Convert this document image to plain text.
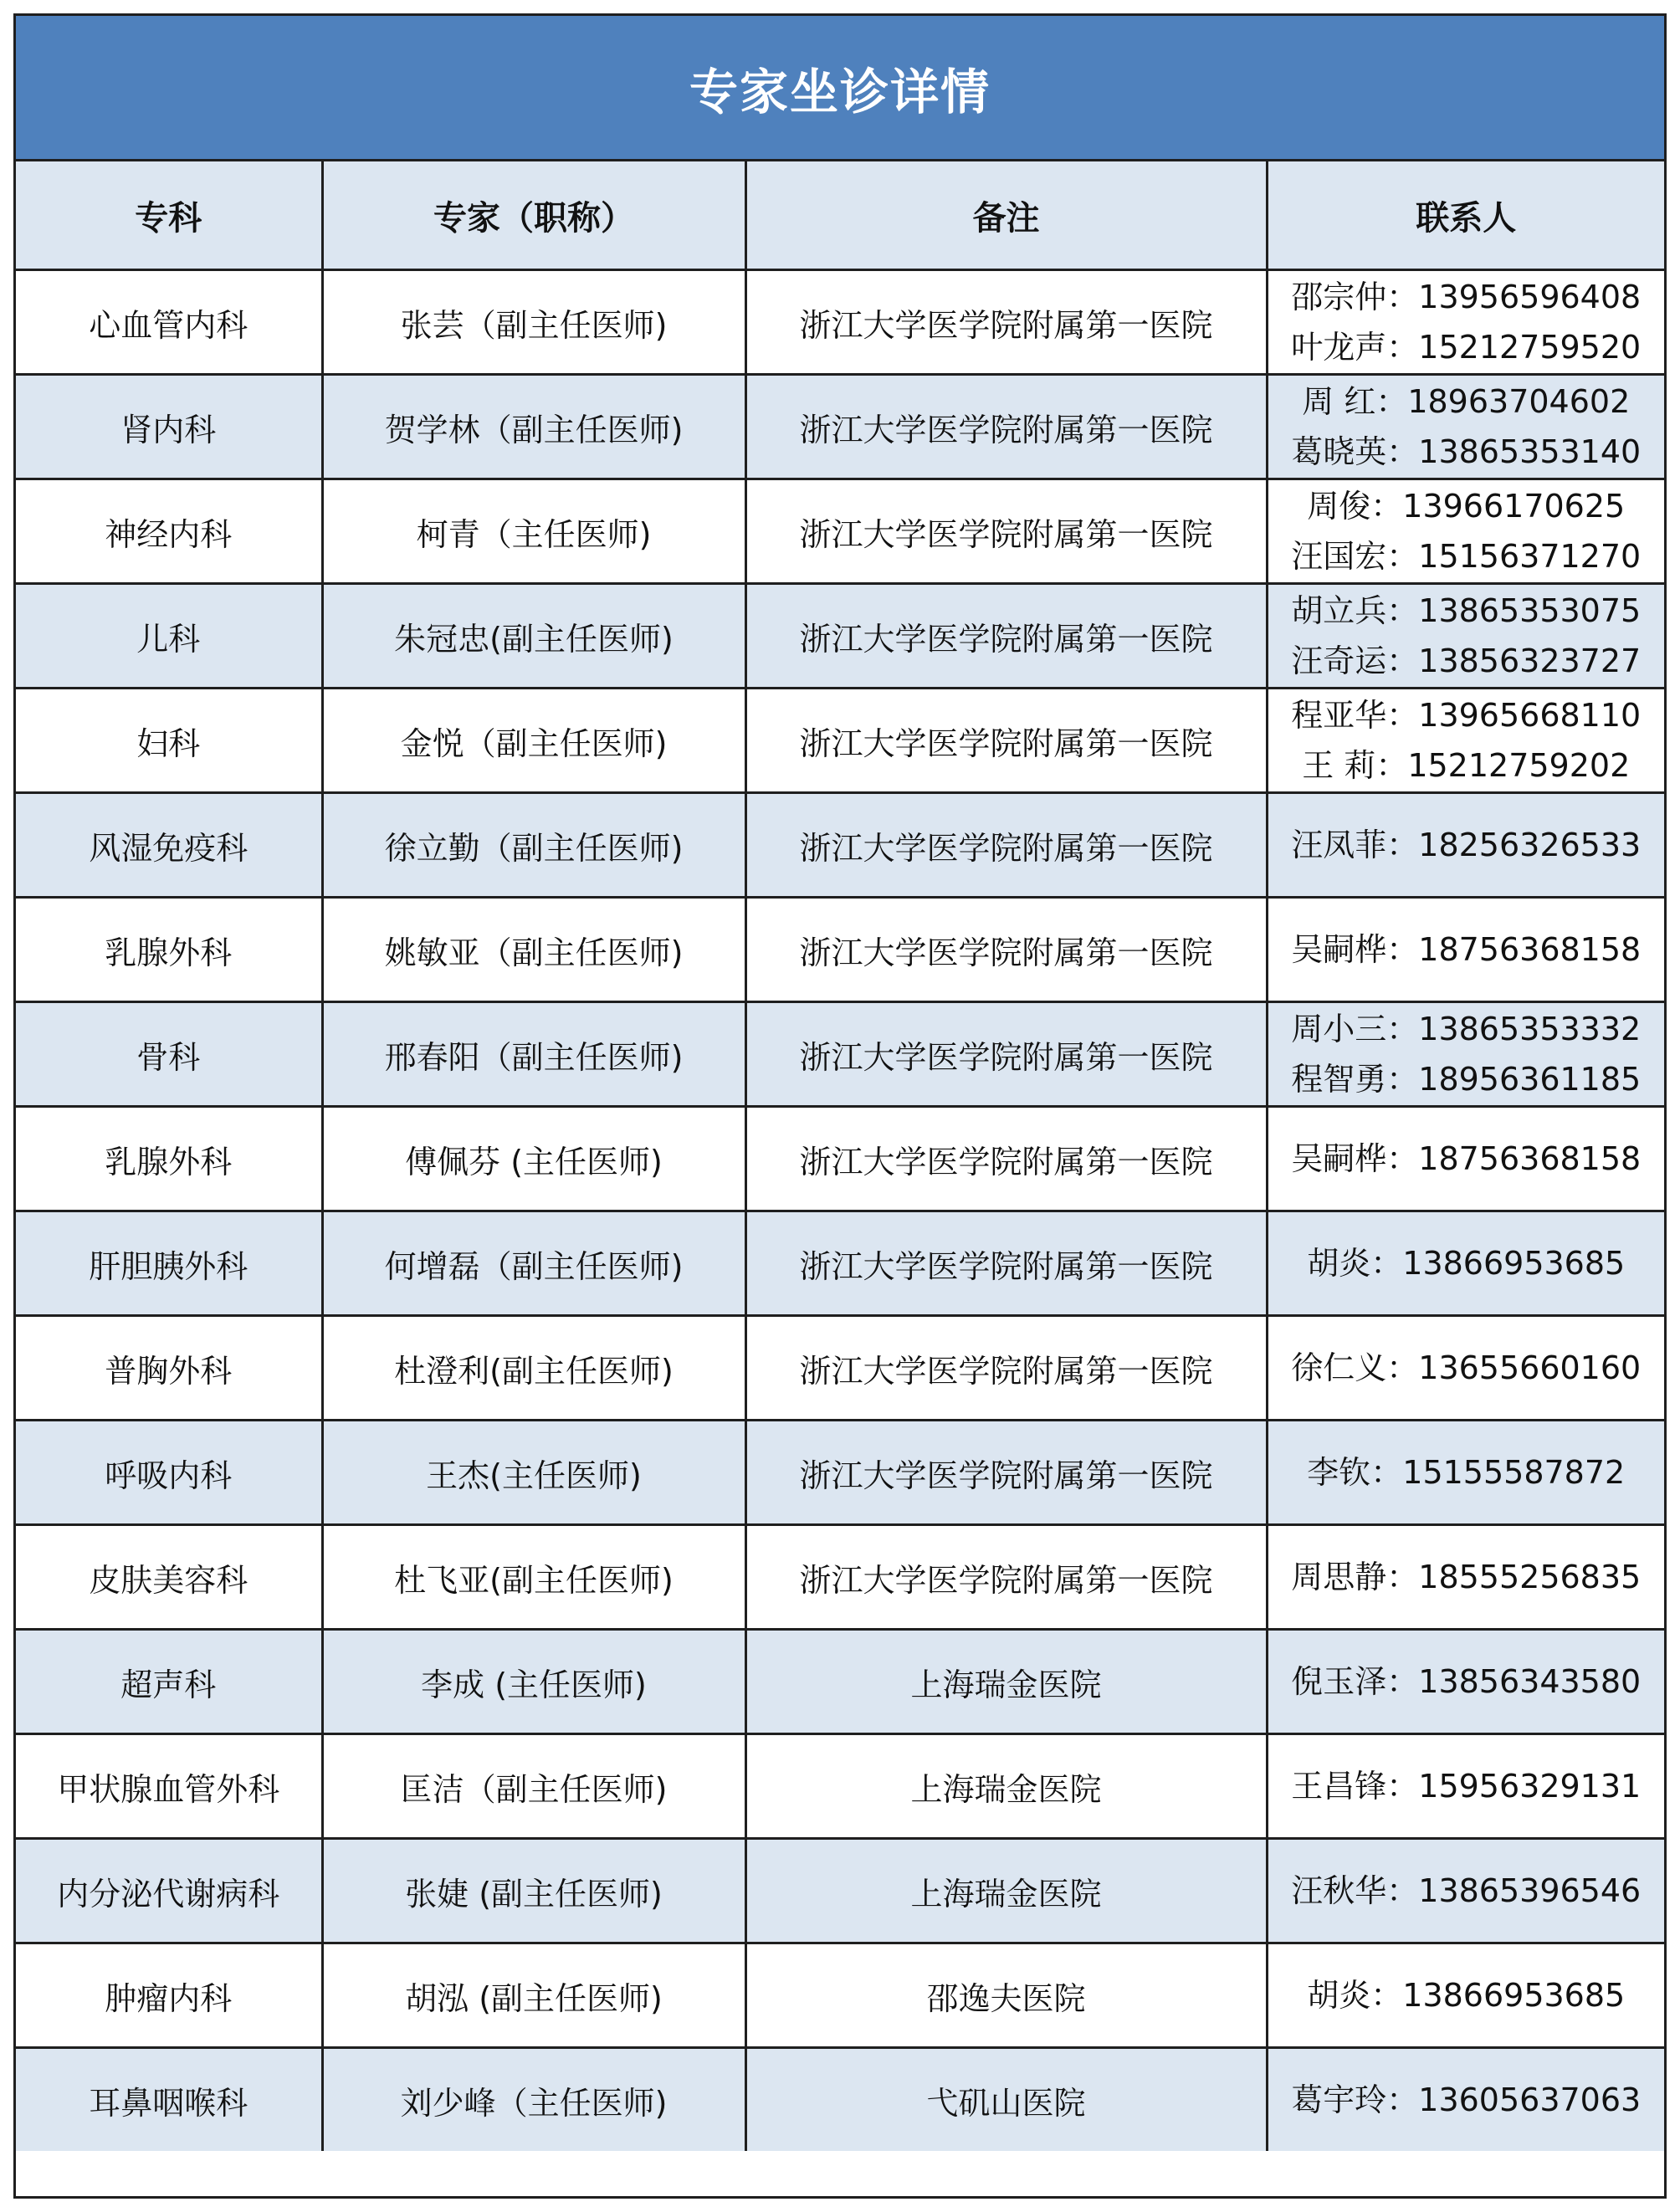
专家坐诊详情
专科	专家（职称）	备注	联系人
心血管内科	张芸（副主任医师)	浙江大学医学院附属第一医院	邵宗仲：13956596408
叶龙声：15212759520

肾内科	贺学林（副主任医师)	浙江大学医学院附属第一医院	周 红：18963704602
葛晓英：13865353140

神经内科	柯青（主任医师)	浙江大学医学院附属第一医院	周俊：13966170625
汪国宏：15156371270

儿科	朱冠忠(副主任医师)	浙江大学医学院附属第一医院	胡立兵：13865353075
汪奇运：13856323727

妇科	金悦（副主任医师)	浙江大学医学院附属第一医院	程亚华：13965668110
王 莉：15212759202

风湿免疫科	徐立勤（副主任医师)	浙江大学医学院附属第一医院	汪凤菲：18256326533

乳腺外科	姚敏亚（副主任医师)	浙江大学医学院附属第一医院	吴嗣桦：18756368158

骨科	邢春阳（副主任医师)	浙江大学医学院附属第一医院	周小三：13865353332
程智勇：18956361185

乳腺外科	傅佩芬 (主任医师)	浙江大学医学院附属第一医院	吴嗣桦：18756368158

肝胆胰外科	何增磊（副主任医师)	浙江大学医学院附属第一医院	胡炎：13866953685

普胸外科	杜澄利(副主任医师)	浙江大学医学院附属第一医院	徐仁义：13655660160

呼吸内科	王杰(主任医师)	浙江大学医学院附属第一医院	李钦：15155587872

皮肤美容科	杜飞亚(副主任医师)	浙江大学医学院附属第一医院	周思静：18555256835

超声科	李成 (主任医师)	上海瑞金医院	倪玉泽：13856343580

甲状腺血管外科	匡洁（副主任医师)	上海瑞金医院	王昌锋：15956329131

内分泌代谢病科	张婕 (副主任医师)	上海瑞金医院	汪秋华：13865396546

肿瘤内科	胡泓 (副主任医师)	邵逸夫医院	胡炎：13866953685

耳鼻咽喉科	刘少峰（主任医师)	弋矶山医院	葛宇玲：13605637063
